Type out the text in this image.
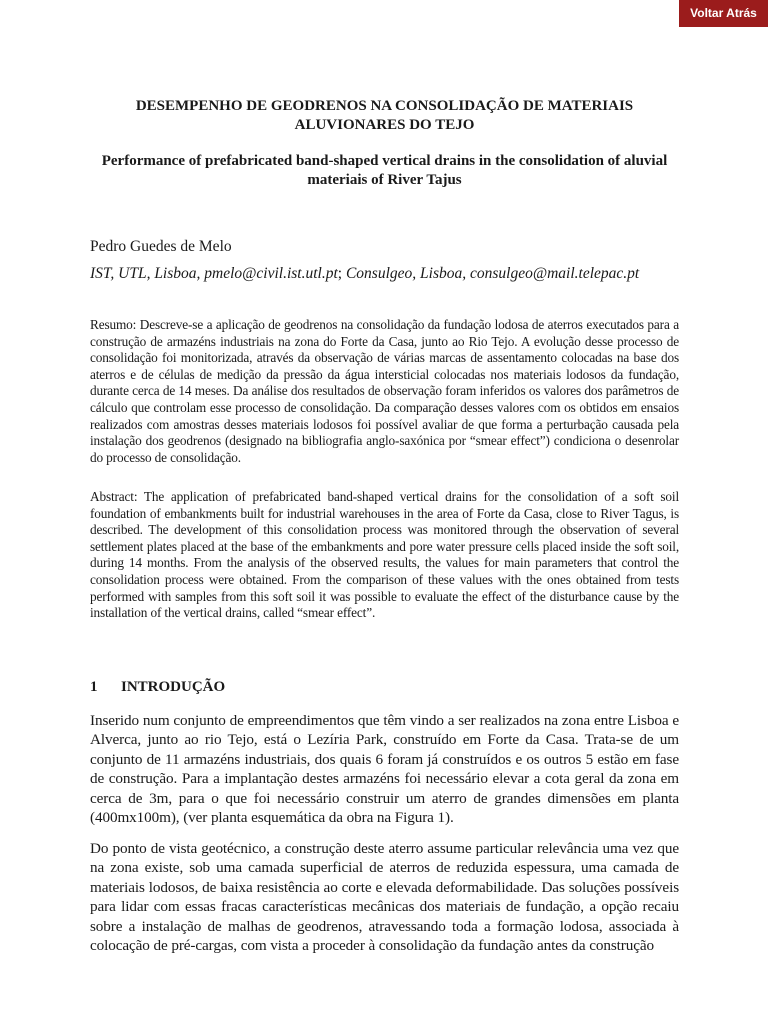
Voltar Atrás
DESEMPENHO DE GEODRENOS NA CONSOLIDAÇÃO DE MATERIAIS ALUVIONARES DO TEJO
Performance of prefabricated band-shaped vertical drains in the consolidation of aluvial materiais of River Tajus
Pedro Guedes de Melo
IST, UTL, Lisboa, pmelo@civil.ist.utl.pt; Consulgeo, Lisboa, consulgeo@mail.telepac.pt

Resumo: Descreve-se a aplicação de geodrenos na consolidação da fundação lodosa de aterros executados para a construção de armazéns industriais na zona do Forte da Casa, junto ao Rio Tejo. A evolução desse processo de consolidação foi monitorizada, através da observação de várias marcas de assentamento colocadas na base dos aterros e de células de medição da pressão da água intersticial colocadas nos materiais lodosos da fundação, durante cerca de 14 meses. Da análise dos resultados de observação foram inferidos os valores dos parâmetros de cálculo que controlam esse processo de consolidação. Da comparação desses valores com os obtidos em ensaios realizados com amostras desses materiais lodosos foi possível avaliar de que forma a perturbação causada pela instalação dos geodrenos (designado na bibliografia anglo-saxónica por “smear effect”) condiciona o desenrolar do processo de consolidação.

Abstract: The application of prefabricated band-shaped vertical drains for the consolidation of a soft soil foundation of embankments built for industrial warehouses in the area of Forte da Casa, close to River Tagus, is described. The development of this consolidation process was monitored through the observation of several settlement plates placed at the base of the embankments and pore water pressure cells placed inside the soft soil, during 14 months. From the analysis of the observed results, the values for main parameters that control the consolidation process were obtained. From the comparison of these values with the ones obtained from tests performed with samples from this soft soil it was possible to evaluate the effect of the disturbance cause by the installation of the vertical drains, called “smear effect”.

1 INTRODUÇÃO

Inserido num conjunto de empreendimentos que têm vindo a ser realizados na zona entre Lisboa e Alverca, junto ao rio Tejo, está o Lezíria Park, construído em Forte da Casa. Trata-se de um conjunto de 11 armazéns industriais, dos quais 6 foram já construídos e os outros 5 estão em fase de construção. Para a implantação destes armazéns foi necessário elevar a cota geral da zona em cerca de 3m, para o que foi necessário construir um aterro de grandes dimensões em planta (400mx100m), (ver planta esquemática da obra na Figura 1).

Do ponto de vista geotécnico, a construção deste aterro assume particular relevância uma vez que na zona existe, sob uma camada superficial de aterros de reduzida espessura, uma camada de materiais lodosos, de baixa resistência ao corte e elevada deformabilidade. Das soluções possíveis para lidar com essas fracas características mecânicas dos materiais de fundação, a opção recaiu sobre a instalação de malhas de geodrenos, atravessando toda a formação lodosa, associada à colocação de pré-cargas, com vista a proceder à consolidação da fundação antes da construção
